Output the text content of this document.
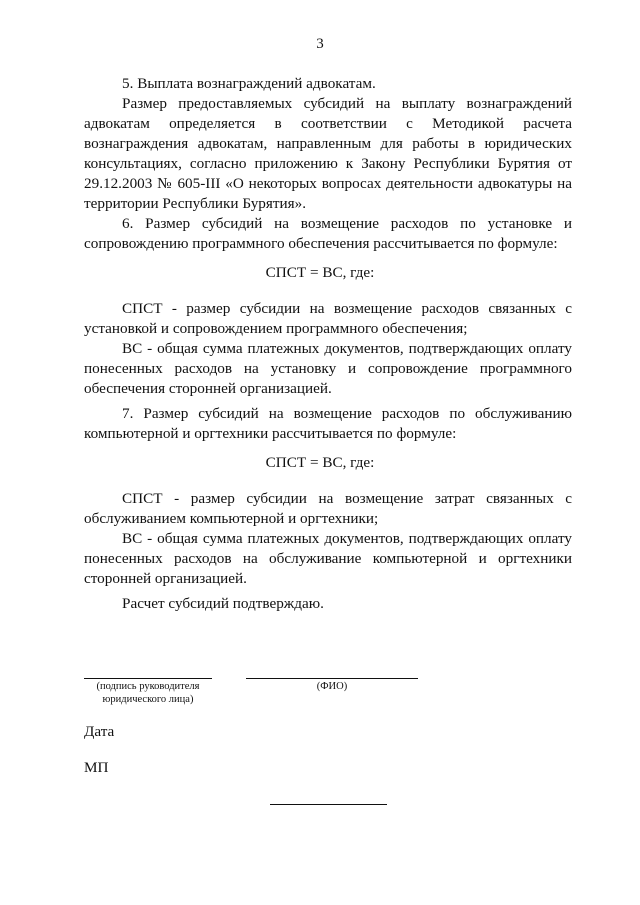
3

5. Выплата вознаграждений адвокатам.

Размер предоставляемых субсидий на выплату вознаграждений адвокатам определяется в соответствии с Методикой расчета вознаграждения адвокатам, направленным для работы в юридических консультациях, согласно приложению к Закону Республики Бурятия от 29.12.2003 № 605-III «О некоторых вопросах деятельности адвокатуры на территории Республики Бурятия».

6. Размер субсидий на возмещение расходов по установке и сопровождению программного обеспечения рассчитывается по формуле:

СПСТ = ВС, где:

СПСТ - размер субсидии на возмещение расходов связанных с установкой и сопровождением программного обеспечения;

ВС - общая сумма платежных документов, подтверждающих оплату понесенных расходов на установку и сопровождение программного обеспечения сторонней организацией.

7. Размер субсидий на возмещение расходов по обслуживанию компьютерной и оргтехники рассчитывается по формуле:

СПСТ = ВС, где:

СПСТ - размер субсидии на возмещение затрат связанных с обслуживанием компьютерной и оргтехники;

ВС - общая сумма платежных документов, подтверждающих оплату понесенных расходов на обслуживание компьютерной и оргтехники сторонней организацией.

Расчет субсидий подтверждаю.

(подпись руководителя юридического лица)
(ФИО)
Дата
МП
